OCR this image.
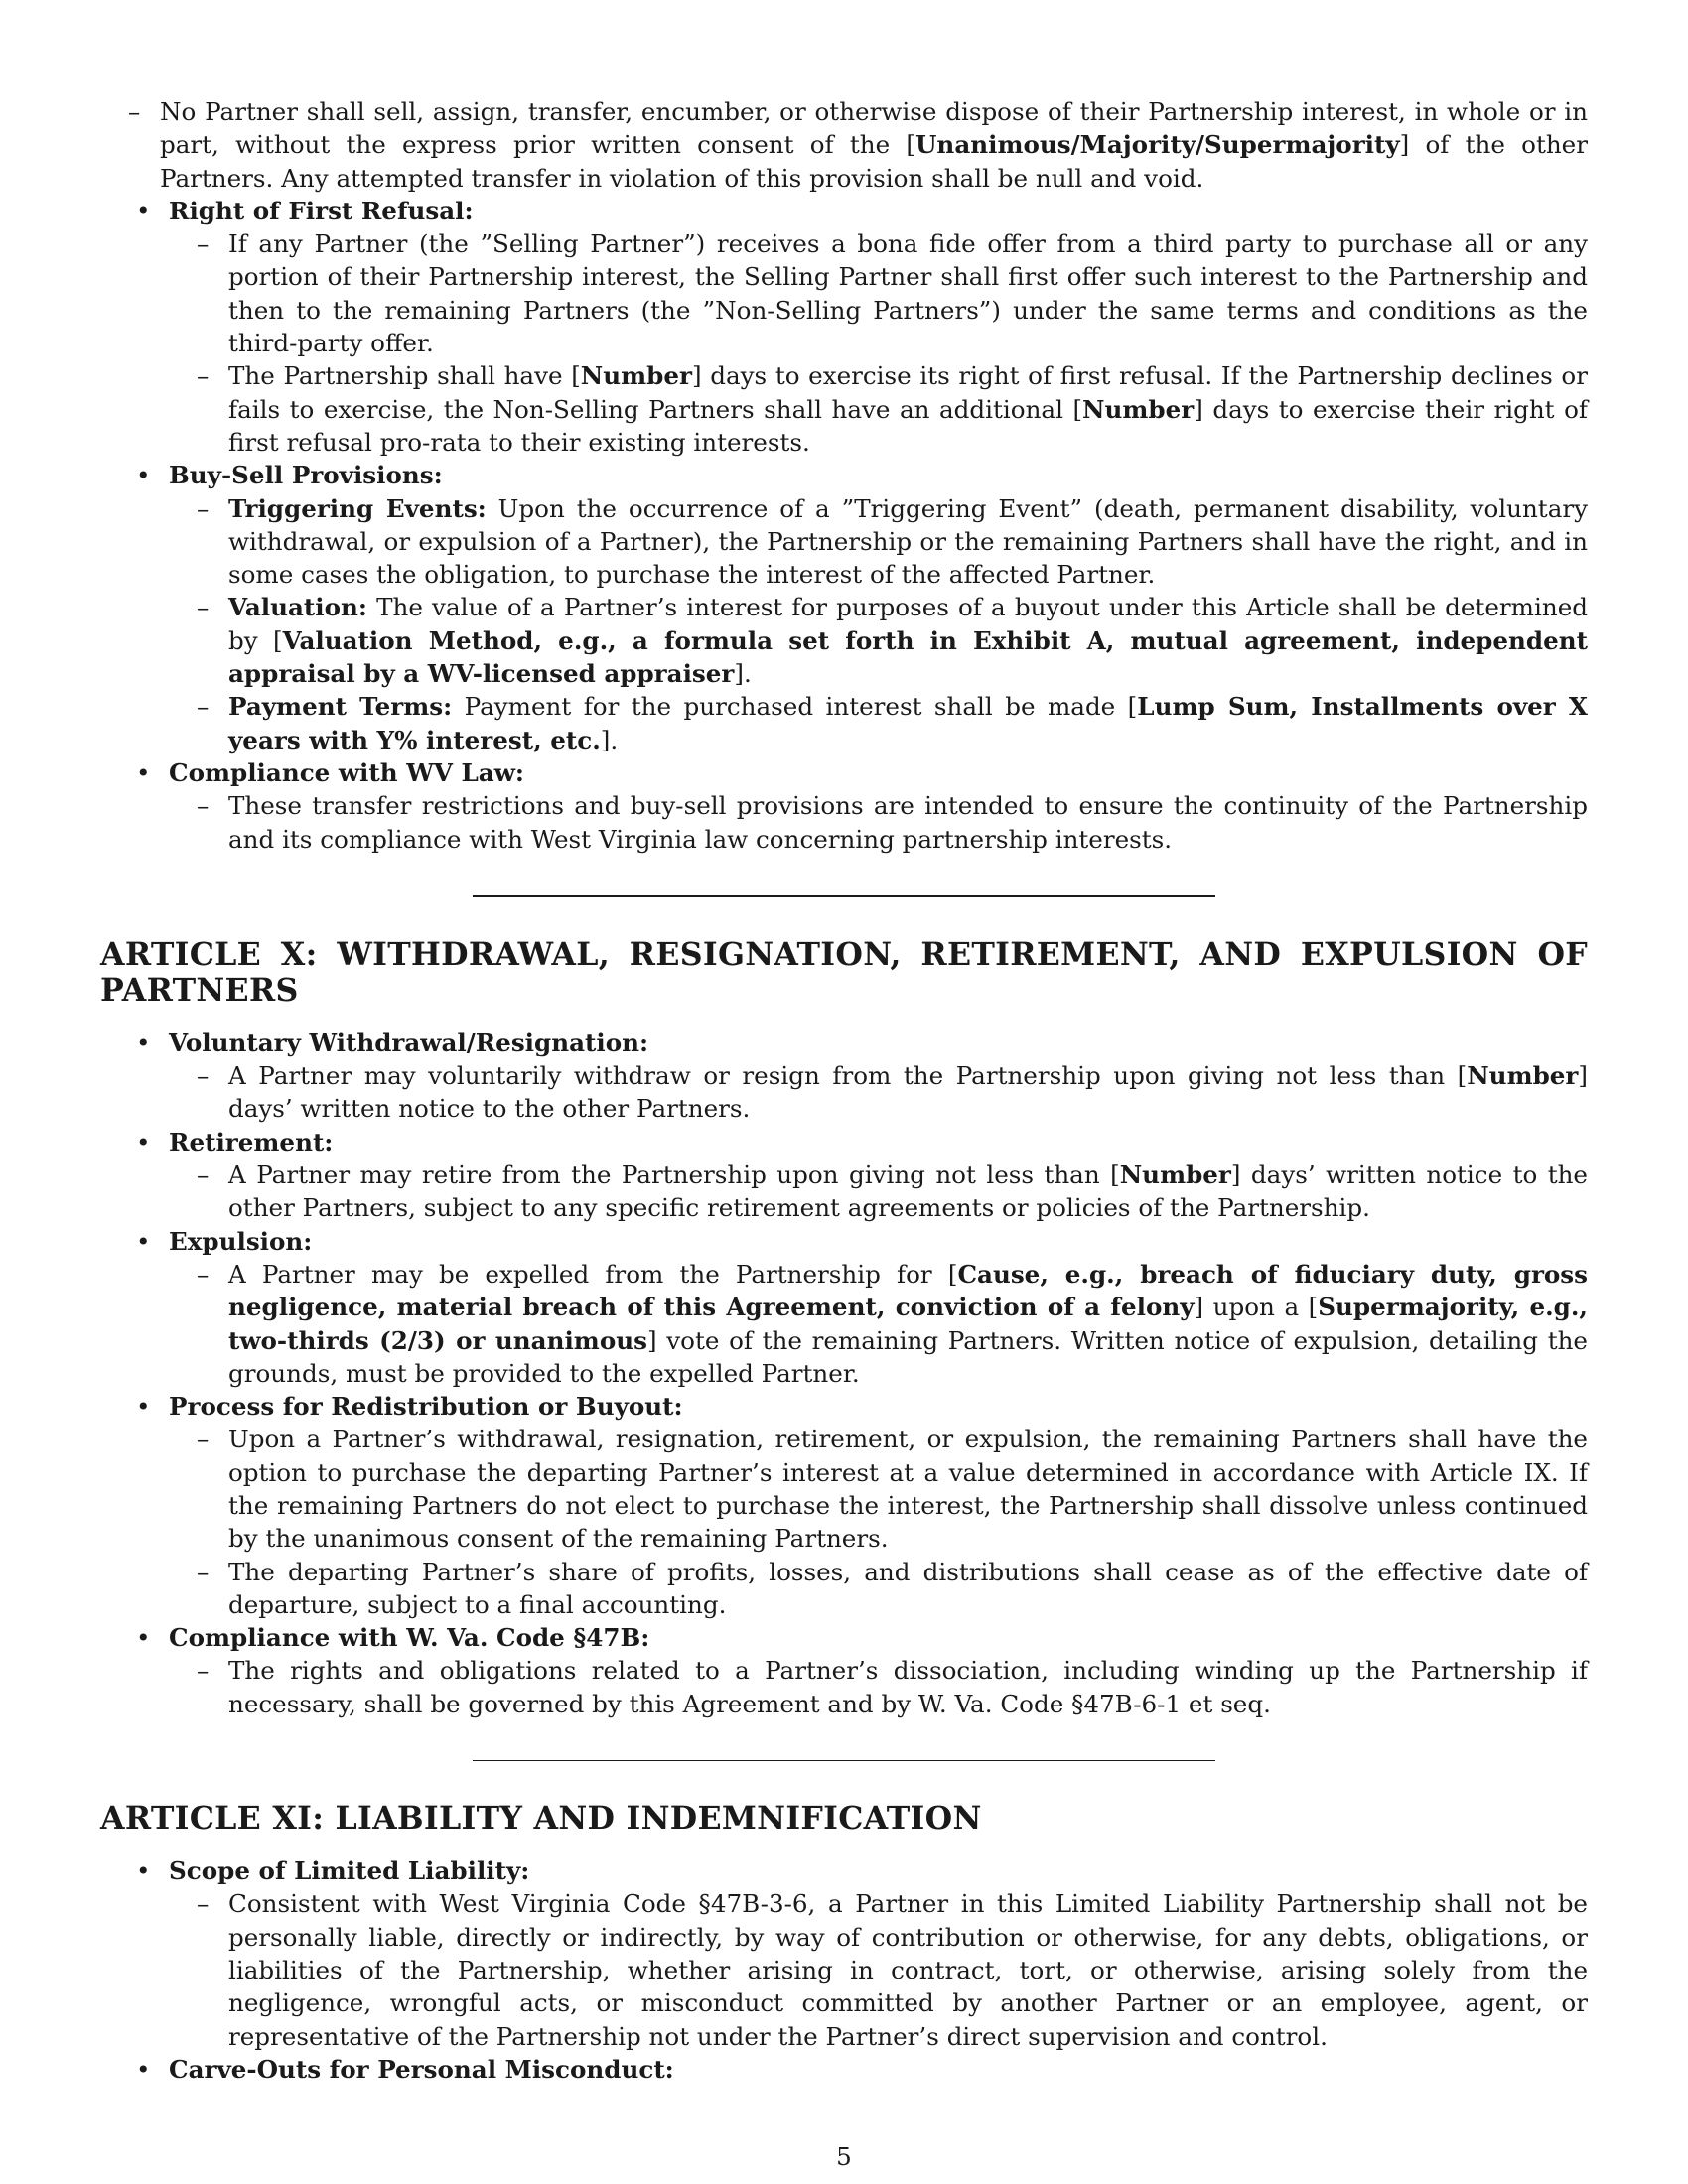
– No Partner shall sell, assign, transfer, encumber, or otherwise dispose of their Partnership interest, in whole or in part, without the express prior written consent of the [Unanimous/Majority/Supermajority] of the other Partners. Any attempted transfer in violation of this provision shall be null and void.
• Right of First Refusal:
– If any Partner (the ”Selling Partner”) receives a bona fide offer from a third party to purchase all or any portion of their Partnership interest, the Selling Partner shall first offer such interest to the Partnership and then to the remaining Partners (the ”Non-Selling Partners”) under the same terms and conditions as the third-party offer.
– The Partnership shall have [Number] days to exercise its right of first refusal. If the Partnership declines or fails to exercise, the Non-Selling Partners shall have an additional [Number] days to exercise their right of first refusal pro-rata to their existing interests.
• Buy-Sell Provisions:
– Triggering Events: Upon the occurrence of a ”Triggering Event” (death, permanent disability, voluntary withdrawal, or expulsion of a Partner), the Partnership or the remaining Partners shall have the right, and in some cases the obligation, to purchase the interest of the affected Partner.
– Valuation: The value of a Partner’s interest for purposes of a buyout under this Article shall be determined by [Valuation Method, e.g., a formula set forth in Exhibit A, mutual agreement, independent appraisal by a WV-licensed appraiser].
– Payment Terms: Payment for the purchased interest shall be made [Lump Sum, Installments over X years with Y% interest, etc.].
• Compliance with WV Law:
– These transfer restrictions and buy-sell provisions are intended to ensure the continuity of the Partnership and its compliance with West Virginia law concerning partnership interests.
ARTICLE X: WITHDRAWAL, RESIGNATION, RETIREMENT, AND EXPULSION OF PARTNERS
• Voluntary Withdrawal/Resignation:
– A Partner may voluntarily withdraw or resign from the Partnership upon giving not less than [Number] days’ written notice to the other Partners.
• Retirement:
– A Partner may retire from the Partnership upon giving not less than [Number] days’ written notice to the other Partners, subject to any specific retirement agreements or policies of the Partnership.
• Expulsion:
– A Partner may be expelled from the Partnership for [Cause, e.g., breach of fiduciary duty, gross negligence, material breach of this Agreement, conviction of a felony] upon a [Supermajority, e.g., two-thirds (2/3) or unanimous] vote of the remaining Partners. Written notice of expulsion, detailing the grounds, must be provided to the expelled Partner.
• Process for Redistribution or Buyout:
– Upon a Partner’s withdrawal, resignation, retirement, or expulsion, the remaining Partners shall have the option to purchase the departing Partner’s interest at a value determined in accordance with Article IX. If the remaining Partners do not elect to purchase the interest, the Partnership shall dissolve unless continued by the unanimous consent of the remaining Partners.
– The departing Partner’s share of profits, losses, and distributions shall cease as of the effective date of departure, subject to a final accounting.
• Compliance with W. Va. Code §47B:
– The rights and obligations related to a Partner’s dissociation, including winding up the Partnership if necessary, shall be governed by this Agreement and by W. Va. Code §47B-6-1 et seq.
ARTICLE XI: LIABILITY AND INDEMNIFICATION
• Scope of Limited Liability:
– Consistent with West Virginia Code §47B-3-6, a Partner in this Limited Liability Partnership shall not be personally liable, directly or indirectly, by way of contribution or otherwise, for any debts, obligations, or liabilities of the Partnership, whether arising in contract, tort, or otherwise, arising solely from the negligence, wrongful acts, or misconduct committed by another Partner or an employee, agent, or representative of the Partnership not under the Partner’s direct supervision and control.
• Carve-Outs for Personal Misconduct:
5
